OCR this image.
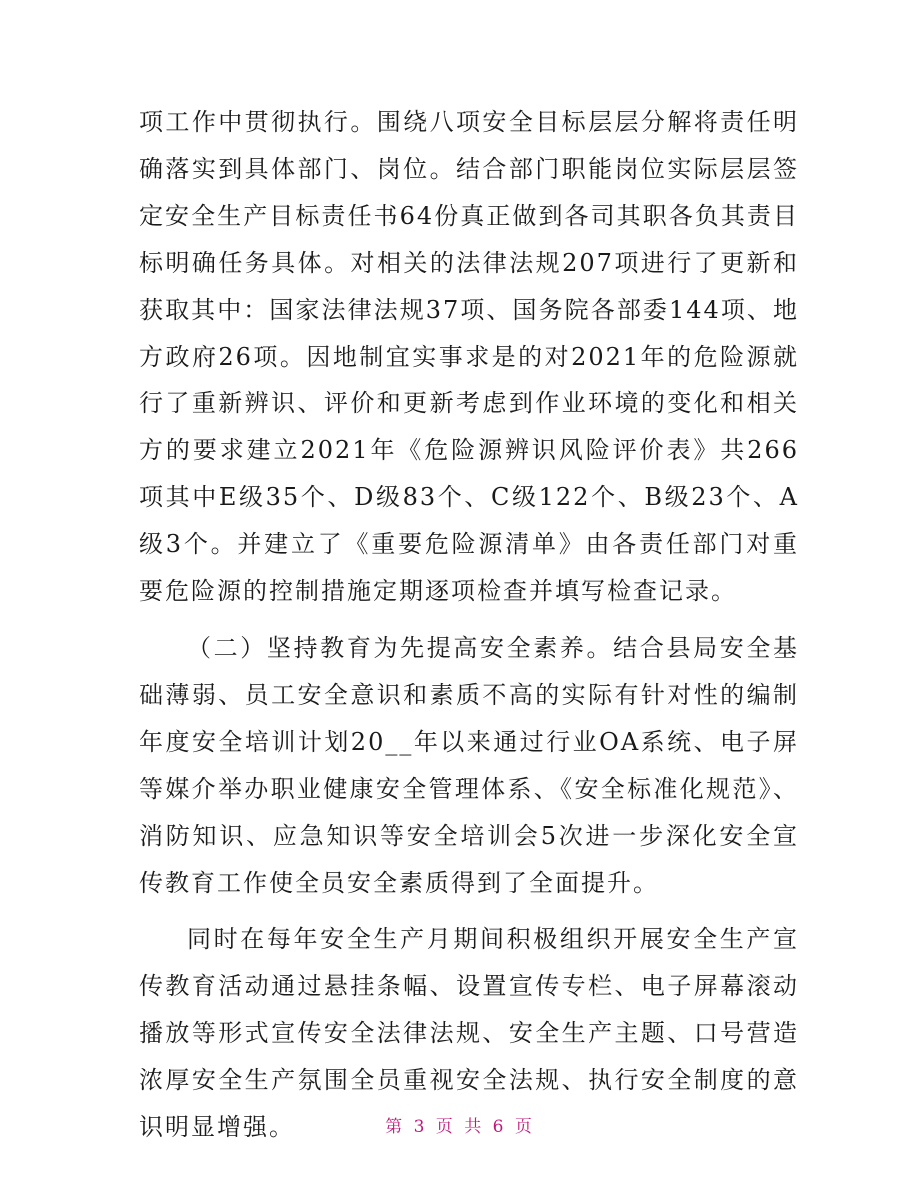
项工作中贯彻执行。围绕八项安全目标层层分解将责任明确落实到具体部门、岗位。结合部门职能岗位实际层层签定安全生产目标责任书64份真正做到各司其职各负其责目标明确任务具体。对相关的法律法规207项进行了更新和获取其中：国家法律法规37项、国务院各部委144项、地方政府26项。因地制宜实事求是的对2021年的危险源就行了重新辨识、评价和更新考虑到作业环境的变化和相关方的要求建立2021年《危险源辨识风险评价表》共266项其中E级35个、D级83个、C级122个、B级23个、A级3个。并建立了《重要危险源清单》由各责任部门对重要危险源的控制措施定期逐项检查并填写检查记录。

（二）坚持教育为先提高安全素养。结合县局安全基础薄弱、员工安全意识和素质不高的实际有针对性的编制年度安全培训计划20__年以来通过行业OA系统、电子屏等媒介举办职业健康安全管理体系、《安全标准化规范》、消防知识、应急知识等安全培训会5次进一步深化安全宣传教育工作使全员安全素质得到了全面提升。

同时在每年安全生产月期间积极组织开展安全生产宣传教育活动通过悬挂条幅、设置宣传专栏、电子屏幕滚动播放等形式宣传安全法律法规、安全生产主题、口号营造浓厚安全生产氛围全员重视安全法规、执行安全制度的意识明显增强。	第 3 页 共 6 页
